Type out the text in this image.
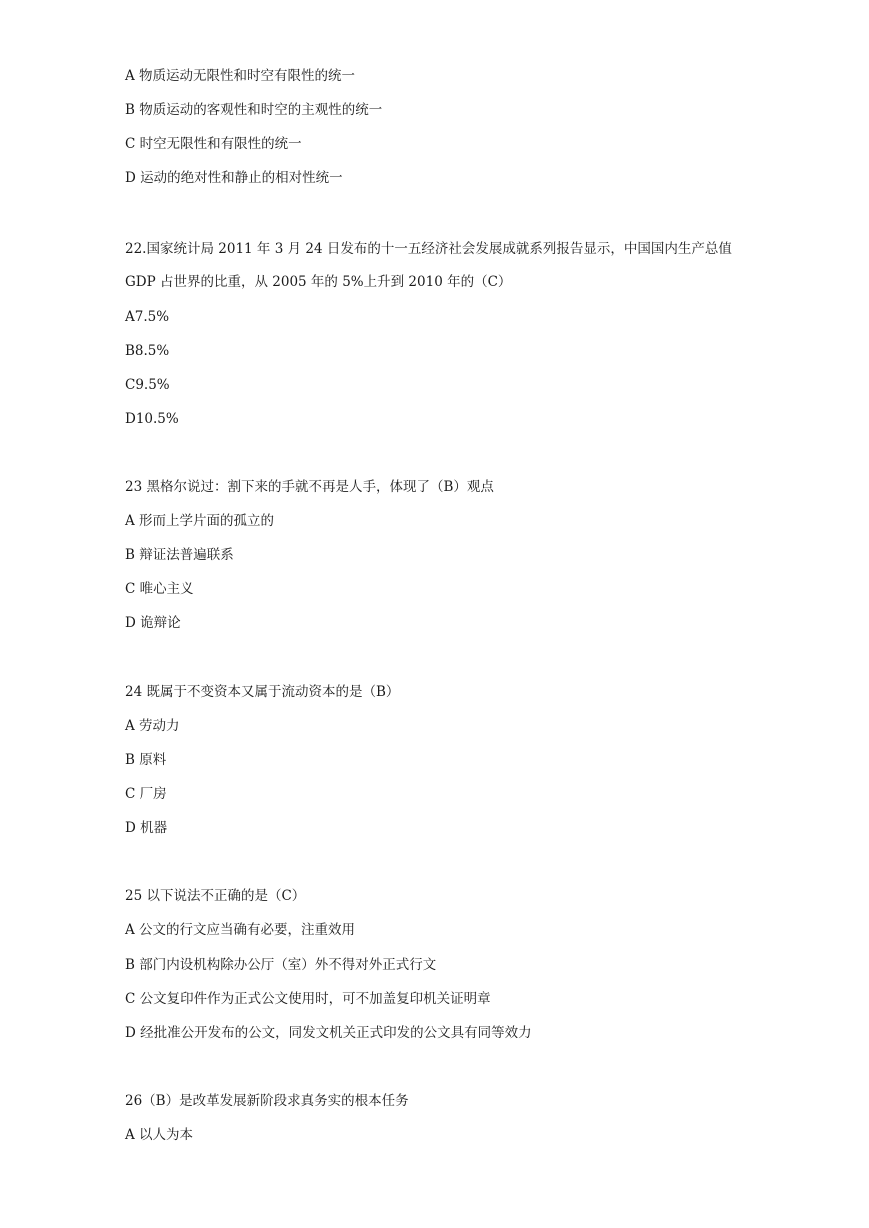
A 物质运动无限性和时空有限性的统一
B 物质运动的客观性和时空的主观性的统一
C 时空无限性和有限性的统一
D 运动的绝对性和静止的相对性统一
22.国家统计局 2011 年 3 月 24 日发布的十一五经济社会发展成就系列报告显示，中国国内生产总值
GDP 占世界的比重，从 2005 年的 5%上升到 2010 年的（C）
A7.5%
B8.5%
C9.5%
D10.5%
23 黑格尔说过：割下来的手就不再是人手，体现了（B）观点
A 形而上学片面的孤立的
B 辩证法普遍联系
C 唯心主义
D 诡辩论
24 既属于不变资本又属于流动资本的是（B）
A 劳动力
B 原料
C 厂房
D 机器
25 以下说法不正确的是（C）
A 公文的行文应当确有必要，注重效用
B 部门内设机构除办公厅（室）外不得对外正式行文
C 公文复印件作为正式公文使用时，可不加盖复印机关证明章
D 经批准公开发布的公文，同发文机关正式印发的公文具有同等效力
26（B）是改革发展新阶段求真务实的根本任务
A 以人为本
